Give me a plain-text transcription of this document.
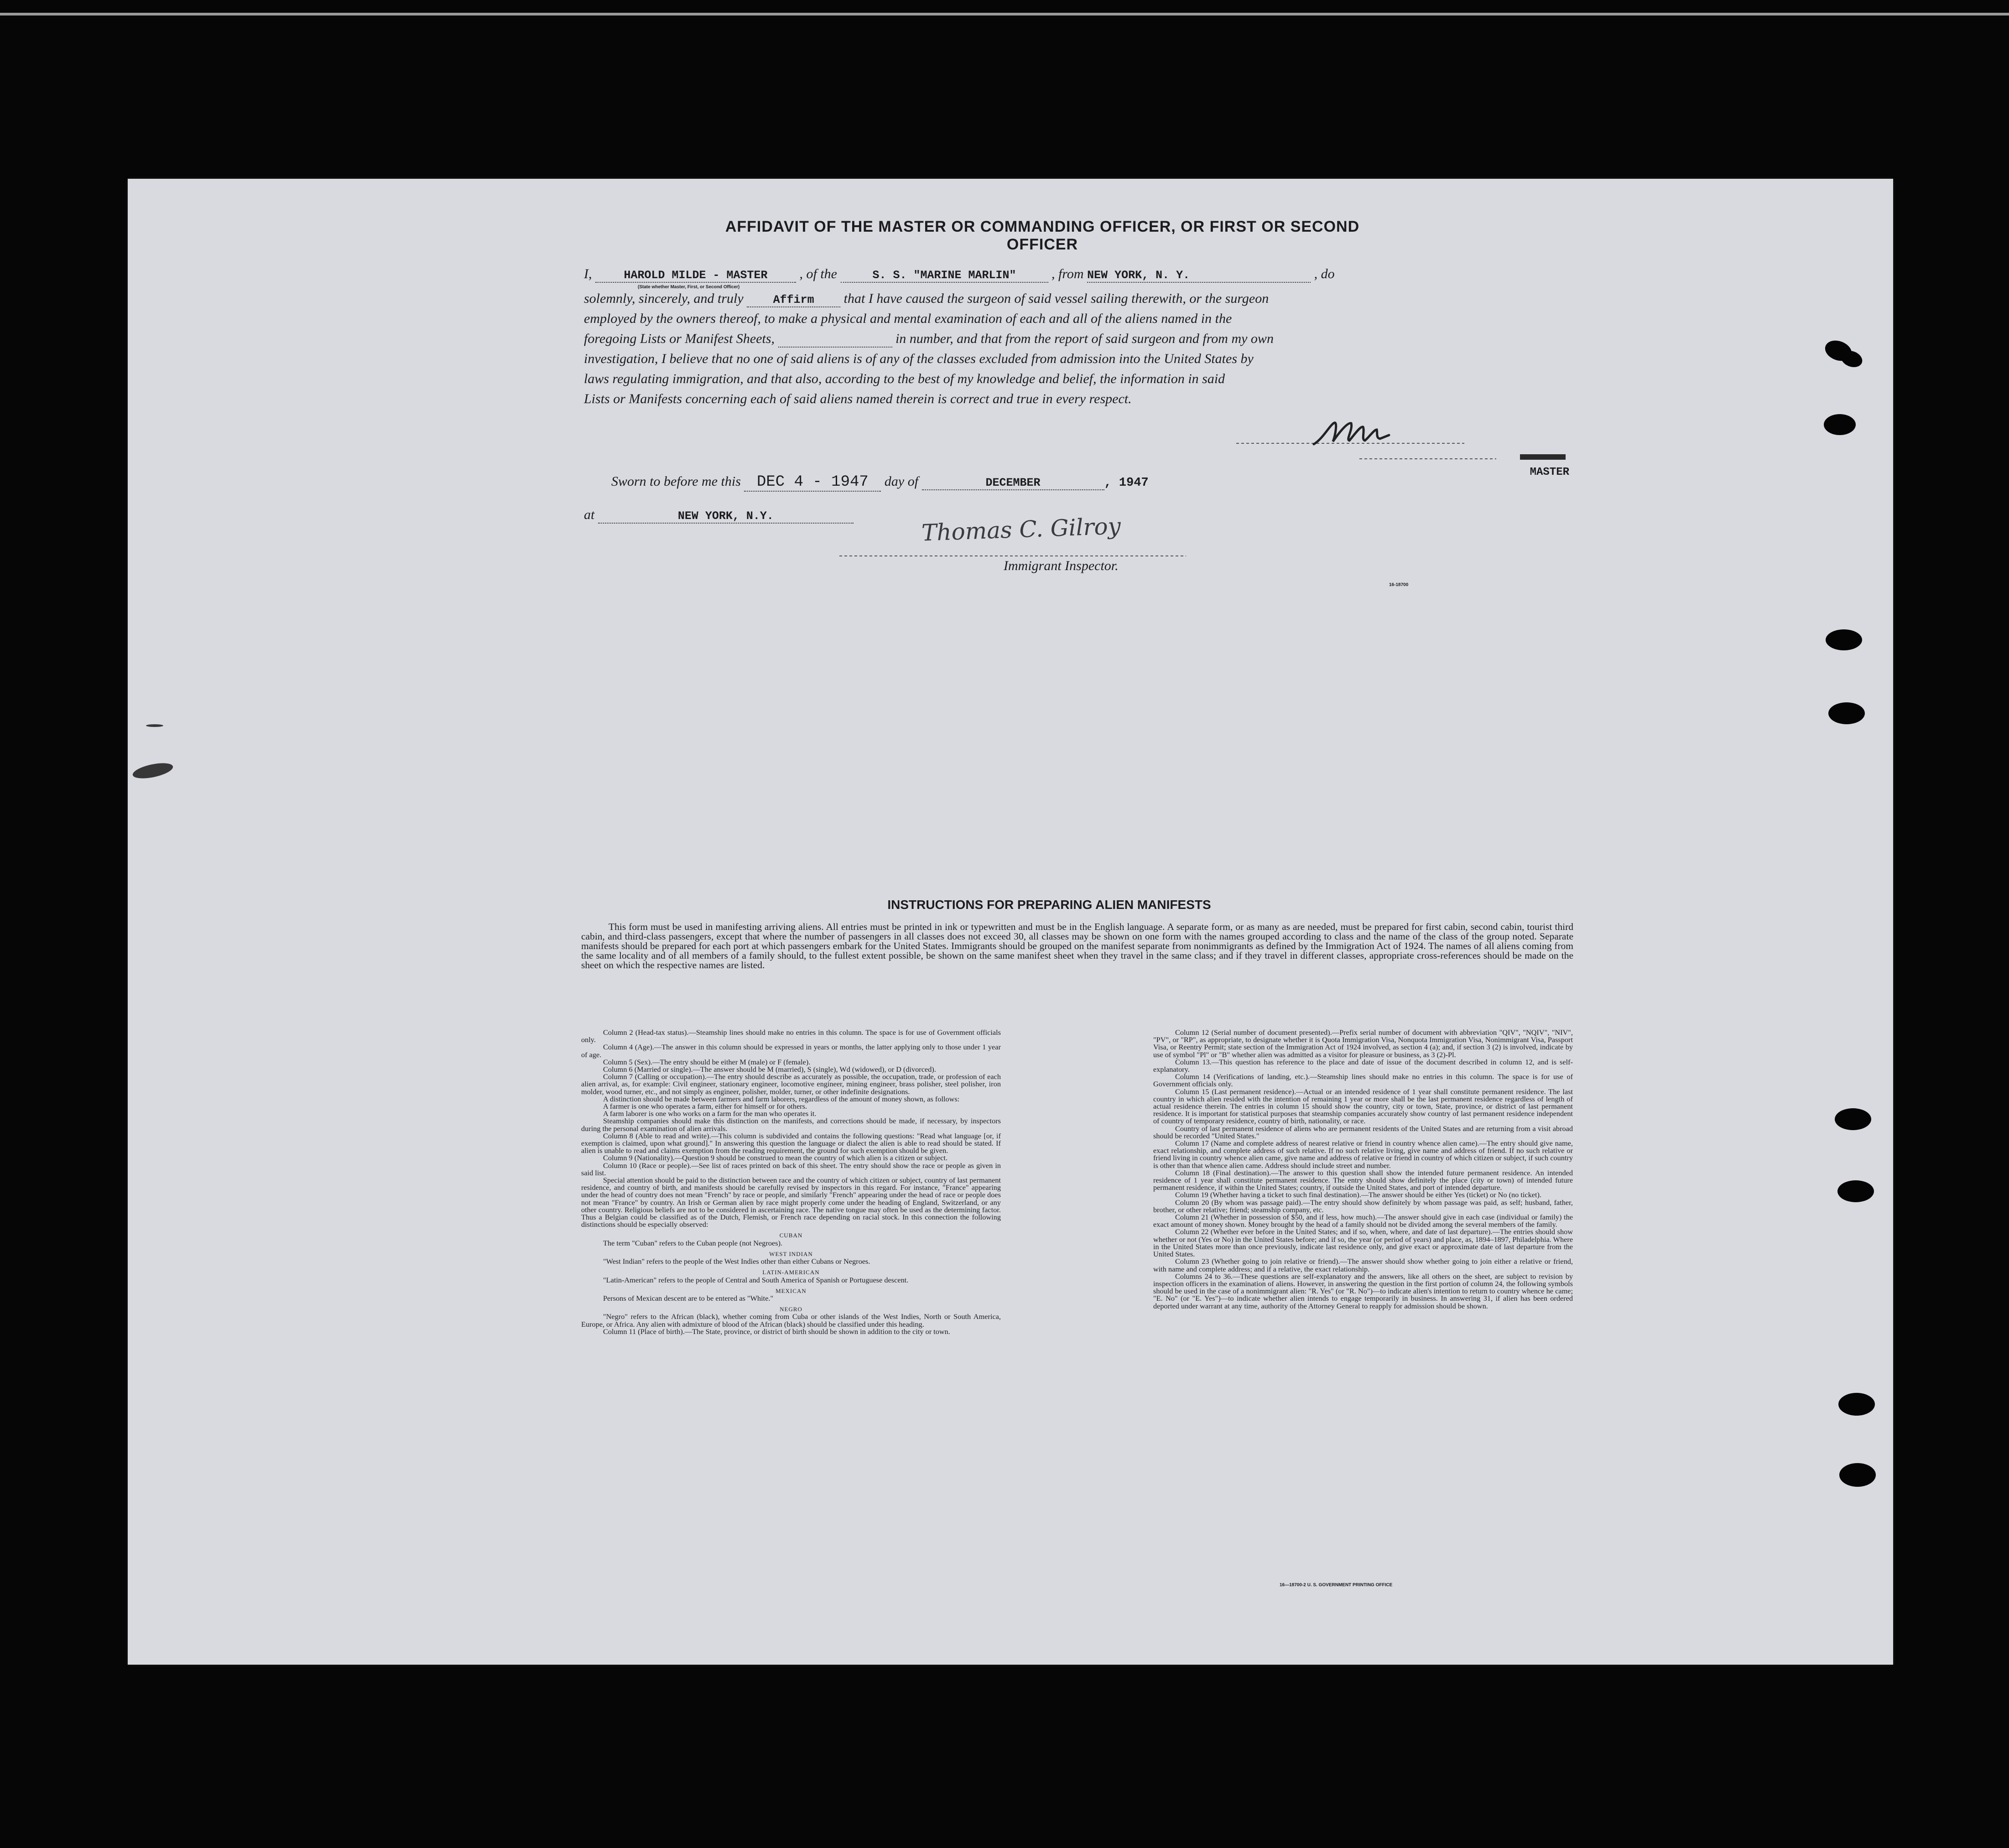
AFFIDAVIT OF THE MASTER OR COMMANDING OFFICER, OR FIRST OR SECOND OFFICER
I,	HAROLD MILDE - MASTER , of the	S. S. "MARINE MARLIN"	, from NEW YORK, N. Y.	, do
(State whether Master, First, or Second Officer)
solemnly, sincerely, and truly	Affirm that I have caused the surgeon of said vessel sailing therewith, or the surgeon
employed by the owners thereof, to make a physical and mental examination of each and all of the aliens named in the
foregoing Lists or Manifest Sheets,	in number, and that from the report of said surgeon and from my own
investigation, I believe that no one of said aliens is of any of the classes excluded from admission into the United States by
laws regulating immigration, and that also, according to the best of my knowledge and belief, the information in said
Lists or Manifests concerning each of said aliens named therein is correct and true in every respect.
MASTER
Sworn to before me this DEC 4 - 1947 day of	DECEMBER	, 1947
at	NEW YORK, N.Y.	Thomas C. Gilroy
Immigrant Inspector.
16-18700
INSTRUCTIONS FOR PREPARING ALIEN MANIFESTS
This form must be used in manifesting arriving aliens. All entries must be printed in ink or typewritten and must be in the English language. A separate form, or as many as are needed, must be prepared for first cabin, second cabin, tourist third cabin, and third-class passengers, except that where the number of passengers in all classes does not exceed 30, all classes may be shown on one form with the names grouped according to class and the name of the class of the group noted. Separate manifests should be prepared for each port at which passengers embark for the United States. Immigrants should be grouped on the manifest separate from nonimmigrants as defined by the Immigration Act of 1924. The names of all aliens coming from the same locality and of all members of a family should, to the fullest extent possible, be shown on the same manifest sheet when they travel in the same class; and if they travel in different classes, appropriate cross-references should be made on the sheet on which the respective names are listed.

Column 2 (Head-tax status).—Steamship lines should make no entries in this column. The space is for use of Government officials only.

Column 4 (Age).—The answer in this column should be expressed in years or months, the latter applying only to those under 1 year of age.

Column 5 (Sex).—The entry should be either M (male) or F (female).

Column 6 (Married or single).—The answer should be M (married), S (single), Wd (widowed), or D (divorced).

Column 7 (Calling or occupation).—The entry should describe as accurately as possible, the occupation, trade, or profession of each alien arrival, as, for example: Civil engineer, stationary engineer, locomotive engineer, mining engineer, brass polisher, steel polisher, iron molder, wood turner, etc., and not simply as engineer, polisher, molder, turner, or other indefinite designations.

A distinction should be made between farmers and farm laborers, regardless of the amount of money shown, as follows:

A farmer is one who operates a farm, either for himself or for others.

A farm laborer is one who works on a farm for the man who operates it.

Steamship companies should make this distinction on the manifests, and corrections should be made, if necessary, by inspectors during the personal examination of alien arrivals.

Column 8 (Able to read and write).—This column is subdivided and contains the following questions: "Read what language [or, if exemption is claimed, upon what ground]." In answering this question the language or dialect the alien is able to read should be stated. If alien is unable to read and claims exemption from the reading requirement, the ground for such exemption should be given.

Column 9 (Nationality).—Question 9 should be construed to mean the country of which alien is a citizen or subject.

Column 10 (Race or people).—See list of races printed on back of this sheet. The entry should show the race or people as given in said list.

Special attention should be paid to the distinction between race and the country of which citizen or subject, country of last permanent residence, and country of birth, and manifests should be carefully revised by inspectors in this regard. For instance, "France" appearing under the head of country does not mean "French" by race or people, and similarly "French" appearing under the head of race or people does not mean "France" by country. An Irish or German alien by race might properly come under the heading of England, Switzerland, or any other country. Religious beliefs are not to be considered in ascertaining race. The native tongue may often be used as the determining factor. Thus a Belgian could be classified as of the Dutch, Flemish, or French race depending on racial stock. In this connection the following distinctions should be especially observed:

CUBAN

The term "Cuban" refers to the Cuban people (not Negroes).

WEST INDIAN

"West Indian" refers to the people of the West Indies other than either Cubans or Negroes.

LATIN-AMERICAN

"Latin-American" refers to the people of Central and South America of Spanish or Portuguese descent.

MEXICAN

Persons of Mexican descent are to be entered as "White."

NEGRO

"Negro" refers to the African (black), whether coming from Cuba or other islands of the West Indies, North or South America, Europe, or Africa. Any alien with admixture of blood of the African (black) should be classified under this heading.

Column 11 (Place of birth).—The State, province, or district of birth should be shown in addition to the city or town.

Column 12 (Serial number of document presented).—Prefix serial number of document with abbreviation "QIV", "NQIV", "NIV", "PV", or "RP", as appropriate, to designate whether it is Quota Immigration Visa, Nonquota Immigration Visa, Nonimmigrant Visa, Passport Visa, or Reentry Permit; state section of the Immigration Act of 1924 involved, as section 4 (a); and, if section 3 (2) is involved, indicate by use of symbol "Pl" or "B" whether alien was admitted as a visitor for pleasure or business, as 3 (2)-Pl.

Column 13.—This question has reference to the place and date of issue of the document described in column 12, and is self-explanatory.

Column 14 (Verifications of landing, etc.).—Steamship lines should make no entries in this column. The space is for use of Government officials only.

Column 15 (Last permanent residence).—Actual or an intended residence of 1 year shall constitute permanent residence. The last country in which alien resided with the intention of remaining 1 year or more shall be the last permanent residence regardless of length of actual residence therein. The entries in column 15 should show the country, city or town, State, province, or district of last permanent residence. It is important for statistical purposes that steamship companies accurately show country of last permanent residence independent of country of temporary residence, country of birth, nationality, or race.

Country of last permanent residence of aliens who are permanent residents of the United States and are returning from a visit abroad should be recorded "United States."

Column 17 (Name and complete address of nearest relative or friend in country whence alien came).—The entry should give name, exact relationship, and complete address of such relative. If no such relative living, give name and address of friend. If no such relative or friend living in country whence alien came, give name and address of relative or friend in country of which citizen or subject, if such country is other than that whence alien came. Address should include street and number.

Column 18 (Final destination).—The answer to this question shall show the intended future permanent residence. An intended residence of 1 year shall constitute permanent residence. The entry should show definitely the place (city or town) of intended future permanent residence, if within the United States; country, if outside the United States, and port of intended departure.

Column 19 (Whether having a ticket to such final destination).—The answer should be either Yes (ticket) or No (no ticket).

Column 20 (By whom was passage paid).—The entry should show definitely by whom passage was paid, as self; husband, father, brother, or other relative; friend; steamship company, etc.

Column 21 (Whether in possession of $50, and if less, how much).—The answer should give in each case (individual or family) the exact amount of money shown. Money brought by the head of a family should not be divided among the several members of the family.

Column 22 (Whether ever before in the United States; and if so, when, where, and date of last departure).—The entries should show whether or not (Yes or No) in the United States before; and if so, the year (or period of years) and place, as, 1894–1897, Philadelphia. Where in the United States more than once previously, indicate last residence only, and give exact or approximate date of last departure from the United States.

Column 23 (Whether going to join relative or friend).—The answer should show whether going to join either a relative or friend, with name and complete address; and if a relative, the exact relationship.

Columns 24 to 36.—These questions are self-explanatory and the answers, like all others on the sheet, are subject to revision by inspection officers in the examination of aliens. However, in answering the question in the first portion of column 24, the following symbols should be used in the case of a nonimmigrant alien: "R. Yes" (or "R. No")—to indicate alien's intention to return to country whence he came; "E. No" (or "E. Yes")—to indicate whether alien intends to engage temporarily in business. In answering 31, if alien has been ordered deported under warrant at any time, authority of the Attorney General to reapply for admission should be shown.

16—18700-2 U. S. GOVERNMENT PRINTING OFFICE
